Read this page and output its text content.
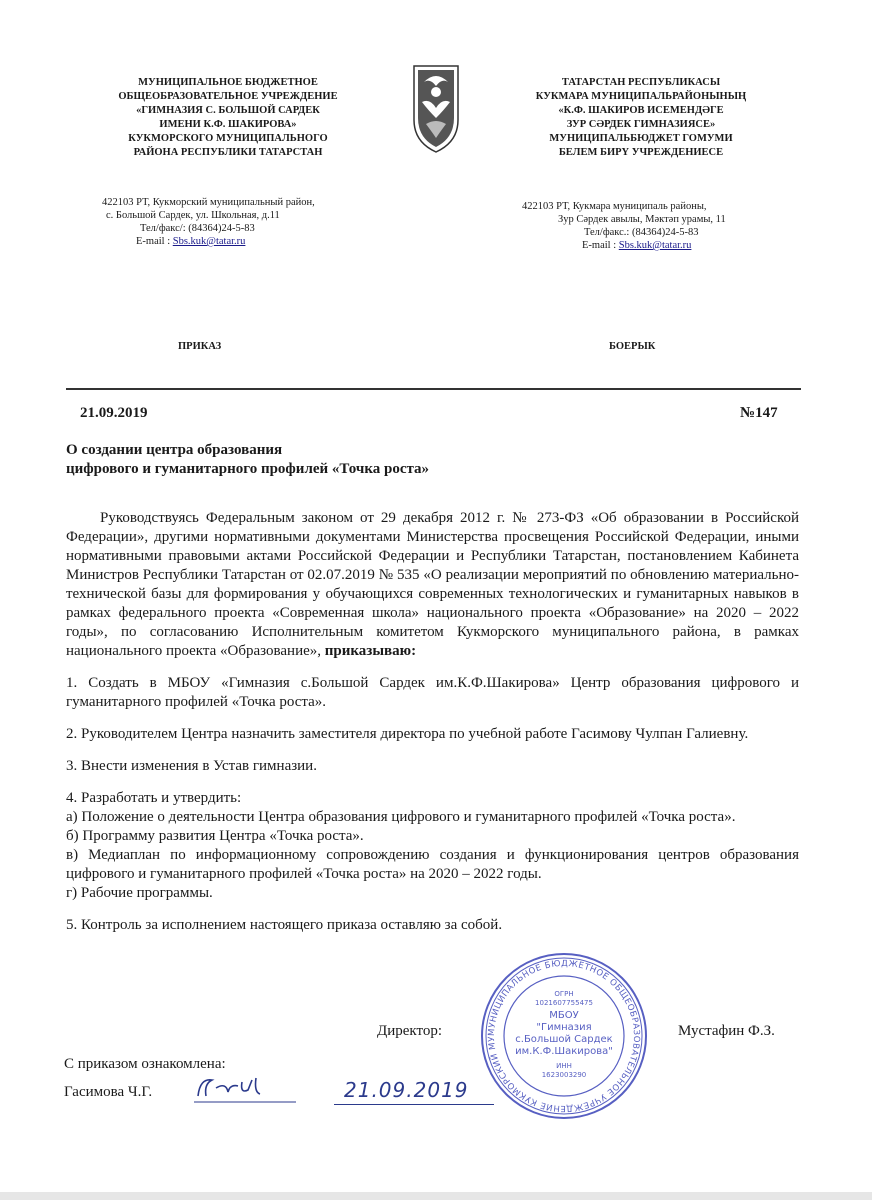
МУНИЦИПАЛЬНОЕ БЮДЖЕТНОЕ
ОБЩЕОБРАЗОВАТЕЛЬНОЕ УЧРЕЖДЕНИЕ
«ГИМНАЗИЯ С. БОЛЬШОЙ САРДЕК
ИМЕНИ К.Ф. ШАКИРОВА»
КУКМОРСКОГО МУНИЦИПАЛЬНОГО
РАЙОНА РЕСПУБЛИКИ ТАТАРСТАН
ТАТАРСТАН РЕСПУБЛИКАСЫ
КУКМАРА МУНИЦИПАЛЬРАЙОНЫНЫҢ
«К.Ф. ШАКИРОВ ИСЕМЕНДӘГЕ
ЗУР СӘРДЕК ГИМНАЗИЯСЕ»
МУНИЦИПАЛЬБЮДЖЕТ ГОМУМИ
БЕЛЕМ БИРҮ УЧРЕЖДЕНИЕСЕ
422103 РТ, Кукморский муниципальный район,
с. Большой Сардек, ул. Школьная, д.11
Тел/факс/: (84364)24-5-83
E-mail : Sbs.kuk@tatar.ru
422103 РТ, Кукмара муниципаль районы,
Зур Сәрдек авылы, Мәктәп урамы, 11
Тел/факс.: (84364)24-5-83
E-mail : Sbs.kuk@tatar.ru
ПРИКАЗ	БОЕРЫК
21.09.2019	№147
О создании центра образования
цифрового и гуманитарного профилей «Точка роста»

Руководствуясь Федеральным законом от 29 декабря 2012 г. № 273-ФЗ «Об образовании в Российской Федерации», другими нормативными документами Министерства просвещения Российской Федерации, иными нормативными правовыми актами Российской Федерации и Республики Татарстан, постановлением Кабинета Министров Республики Татарстан от 02.07.2019 № 535 «О реализации мероприятий по обновлению материально-технической базы для формирования у обучающихся современных технологических и гуманитарных навыков в рамках федерального проекта «Современная школа» национального проекта «Образование» на 2020 – 2022 годы», по согласованию Исполнительным комитетом Кукморского муниципального района, в рамках национального проекта «Образование», приказываю:

1. Создать в МБОУ «Гимназия с.Большой Сардек им.К.Ф.Шакирова» Центр образования цифрового и гуманитарного профилей «Точка роста».

2. Руководителем Центра назначить заместителя директора по учебной работе Гасимову Чулпан Галиевну.

3. Внести изменения в Устав гимназии.

4. Разработать и утвердить:

а) Положение о деятельности Центра образования цифрового и гуманитарного профилей «Точка роста».

б) Программу развития Центра «Точка роста».

в) Медиаплан по информационному сопровождению создания и функционирования центров образования цифрового и гуманитарного профилей «Точка роста» на 2020 – 2022 годы.

г) Рабочие программы.

5. Контроль за исполнением настоящего приказа оставляю за собой.

Директор:	Мустафин Ф.З.
С приказом ознакомлена:
Гасимова Ч.Г.	21.09.2019
МУНИЦИПАЛЬНОЕ БЮДЖЕТНОЕ ОБЩЕОБРАЗОВАТЕЛЬНОЕ УЧРЕЖДЕНИЕ КУКМОРСКИЙ МУ
ОГРН
1021607755475
МБОУ
"Гимназия
с.Большой Сардек
им.К.Ф.Шакирова"
ИНН
1623003290
